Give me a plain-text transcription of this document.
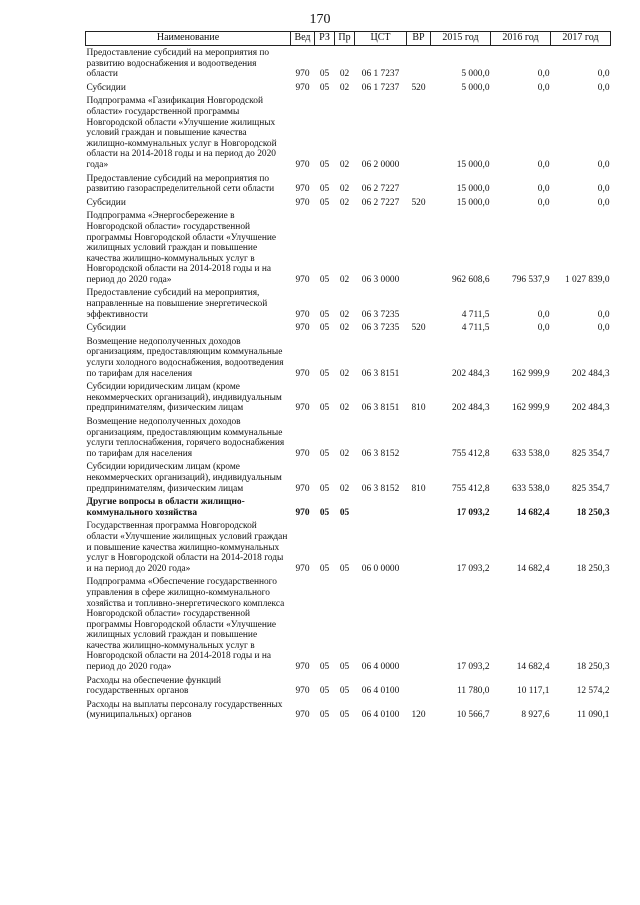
170
Наименование	Вед	РЗ	Пр	ЦСТ	ВР	2015 год	2016 год	2017 год
Предоставление субсидий на мероприятия по развитию водоснабжения и водоотведения области	970	05	02	06 1 7237		5 000,0	0,0	0,0
Субсидии	970	05	02	06 1 7237	520	5 000,0	0,0	0,0
Подпрограмма «Газификация Новгородской области» государственной программы Новгородской области «Улучшение жилищных условий граждан и повышение качества жилищно-коммунальных услуг в Новгородской области на 2014-2018 годы и на период до 2020 года»	970	05	02	06 2 0000		15 000,0	0,0	0,0
Предоставление субсидий на мероприятия по развитию газораспределительной сети области	970	05	02	06 2 7227		15 000,0	0,0	0,0
Субсидии	970	05	02	06 2 7227	520	15 000,0	0,0	0,0
Подпрограмма «Энергосбережение в Новгородской области» государственной программы Новгородской области «Улучшение жилищных условий граждан и повышение качества жилищно-коммунальных услуг в Новгородской области на 2014-2018 годы и на период до 2020 года»	970	05	02	06 3 0000		962 608,6	796 537,9	1 027 839,0
Предоставление субсидий на мероприятия, направленные на повышение энергетической эффективности	970	05	02	06 3 7235		4 711,5	0,0	0,0
Субсидии	970	05	02	06 3 7235	520	4 711,5	0,0	0,0
Возмещение недополученных доходов организациям, предоставляющим коммунальные услуги холодного водоснабжения, водоотведения по тарифам для населения	970	05	02	06 3 8151		202 484,3	162 999,9	202 484,3
Субсидии юридическим лицам (кроме некоммерческих организаций), индивидуальным предпринимателям, физическим лицам	970	05	02	06 3 8151	810	202 484,3	162 999,9	202 484,3
Возмещение недополученных доходов организациям, предоставляющим коммунальные услуги теплоснабжения, горячего водоснабжения по тарифам для населения	970	05	02	06 3 8152		755 412,8	633 538,0	825 354,7
Субсидии юридическим лицам (кроме некоммерческих организаций), индивидуальным предпринимателям, физическим лицам	970	05	02	06 3 8152	810	755 412,8	633 538,0	825 354,7
Другие вопросы в области жилищно-коммунального хозяйства	970	05	05			17 093,2	14 682,4	18 250,3
Государственная программа Новгородской области «Улучшение жилищных условий граждан и повышение качества жилищно-коммунальных услуг в Новгородской области на 2014-2018 годы и на период до 2020 года»	970	05	05	06 0 0000		17 093,2	14 682,4	18 250,3
Подпрограмма «Обеспечение государственного управления в сфере жилищно-коммунального хозяйства и топливно-энергетического комплекса Новгородской области» государственной программы Новгородской области «Улучшение жилищных условий граждан и повышение качества жилищно-коммунальных услуг в Новгородской области на 2014-2018 годы и на период до 2020 года»	970	05	05	06 4 0000		17 093,2	14 682,4	18 250,3
Расходы на обеспечение функций государственных органов	970	05	05	06 4 0100		11 780,0	10 117,1	12 574,2
Расходы на выплаты персоналу государственных (муниципальных) органов	970	05	05	06 4 0100	120	10 566,7	8 927,6	11 090,1
